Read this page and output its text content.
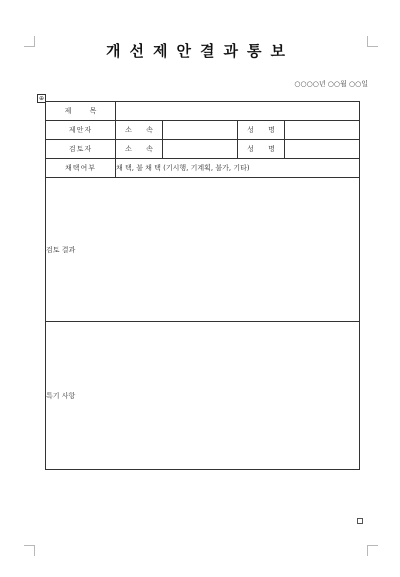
개선제안결과통보
○○○○년 ○○월 ○○일
⊕
제 목				
제안자	소 속		성 명	
검토자	소 속		성 명	
채택여부	채 택, 불 채 택 (기시행, 기계획, 불가, 기타)			
검토 결과				
특기 사항				
